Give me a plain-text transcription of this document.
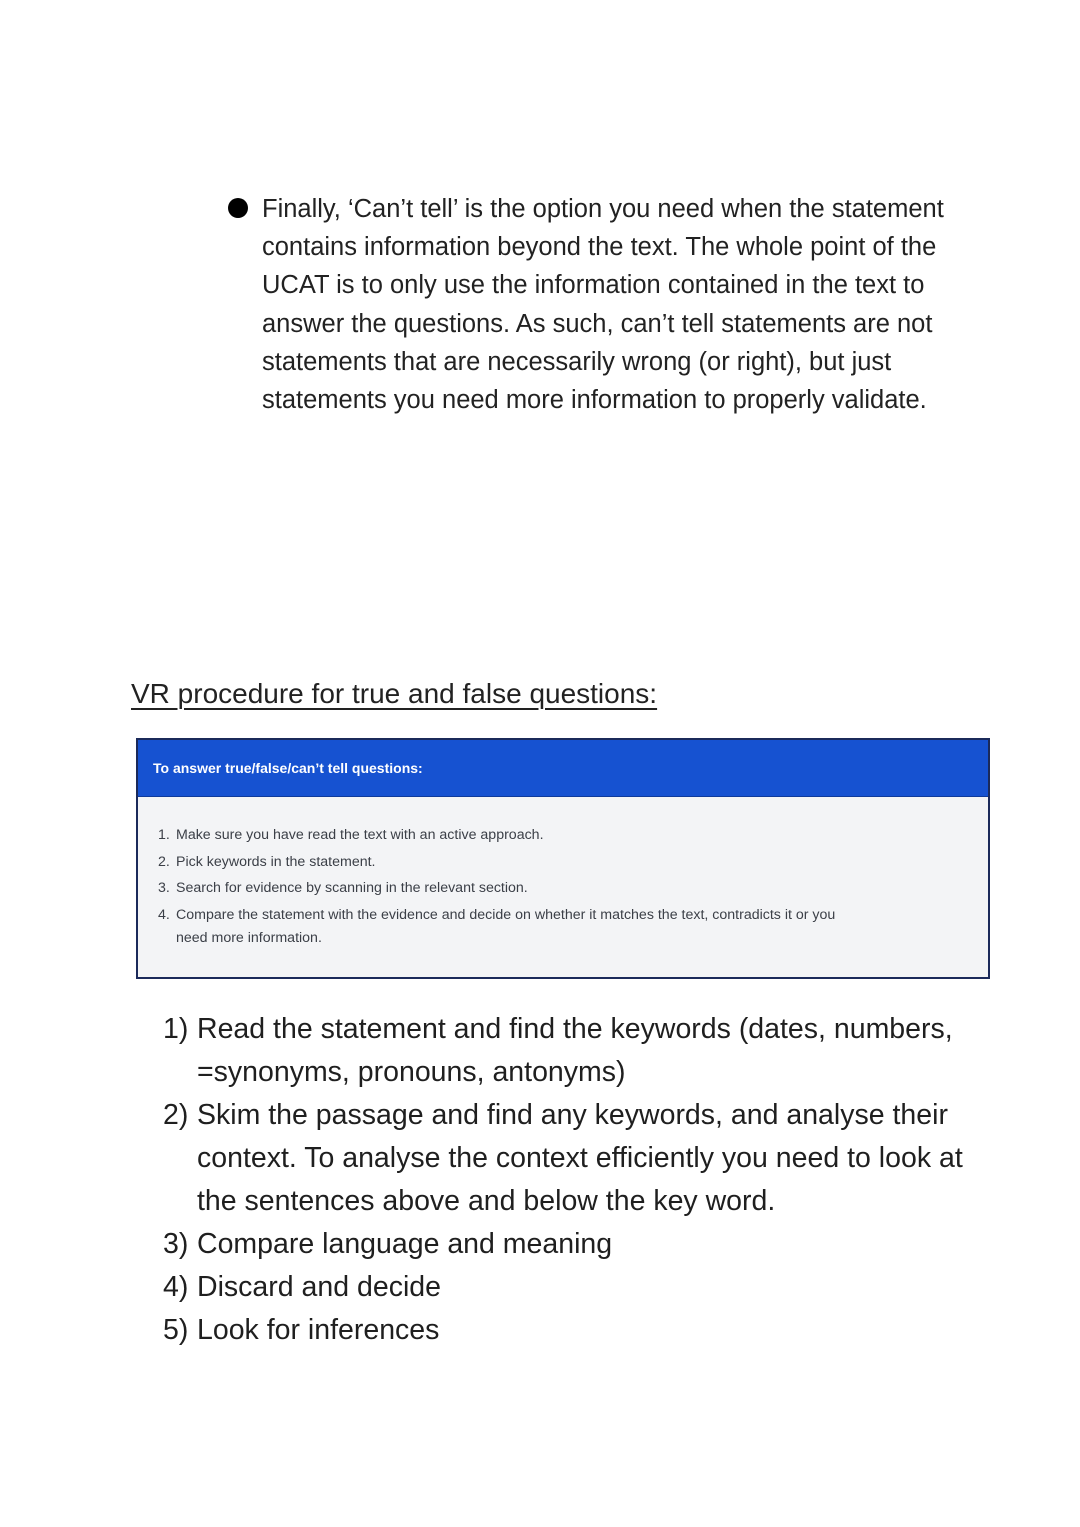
Finally, ‘Can’t tell’ is the option you need when the statement contains information beyond the text. The whole point of the UCAT is to only use the information contained in the text to answer the questions. As such, can’t tell statements are not statements that are necessarily wrong (or right), but just statements you need more information to properly validate.
VR procedure for true and false questions:
To answer true/false/can’t tell questions:
1. Make sure you have read the text with an active approach.
2. Pick keywords in the statement.
3. Search for evidence by scanning in the relevant section.
4. Compare the statement with the evidence and decide on whether it matches the text, contradicts it or you need more information.
1) Read the statement and find the keywords (dates, numbers, =synonyms, pronouns, antonyms)
2) Skim the passage and find any keywords, and analyse their context. To analyse the context efficiently you need to look at the sentences above and below the key word.
3) Compare language and meaning
4) Discard and decide
5) Look for inferences
